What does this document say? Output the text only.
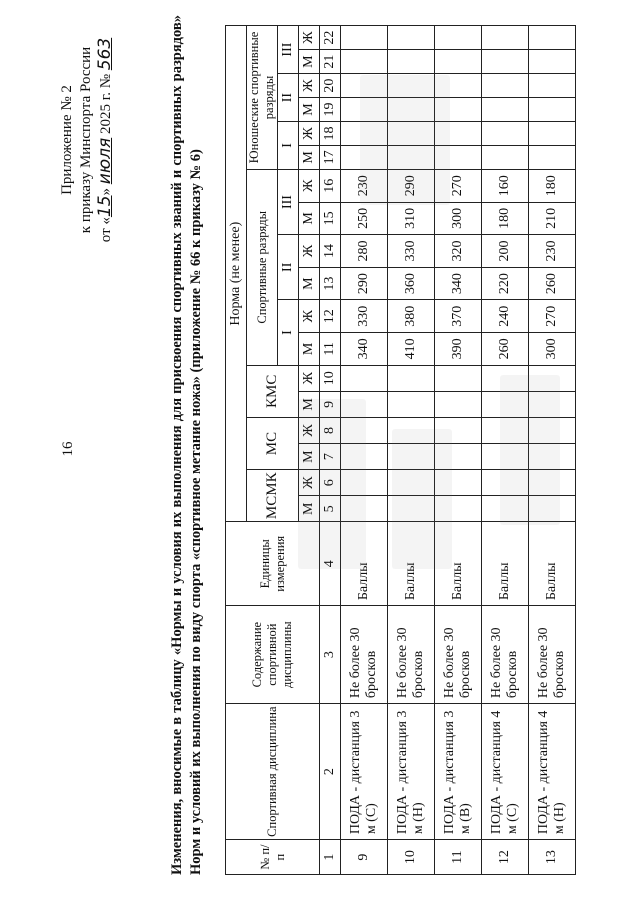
16
Приложение № 2 к приказу Минспорта России от «15» июля 2025 г. № 563	Изменения, вносимые в таблицу «Нормы и условия их выполнения для присвоения спортивных званий и спортивных разрядов» Норм и условий их выполнения по виду спорта «спортивное метание ножа» (приложение № 66 к приказу № 6)	№ п/п	Спортивная дисциплина	Содержание спортивной дисциплины	Единицы измерения	Норма (не менее)																	
				МСМК		МС		КМС		Спортивные разряды						Юношеские спортивные разряды					
										I		II		III		I		II		III	
				М	Ж	М	Ж	М	Ж	М	Ж	М	Ж	М	Ж	М	Ж	М	Ж	М	Ж
1	2	3	4	5	6	7	8	9	10	11	12	13	14	15	16	17	18	19	20	21	22
9	ПОДА - дистанция 3 м (С)	Не более 30 бросков	Баллы							340	330	290	280	250	230						
10	ПОДА - дистанция 3 м (Н)	Не более 30 бросков	Баллы							410	380	360	330	310	290						
11	ПОДА - дистанция 3 м (В)	Не более 30 бросков	Баллы							390	370	340	320	300	270						
12	ПОДА - дистанция 4 м (С)	Не более 30 бросков	Баллы							260	240	220	200	180	160						
13	ПОДА - дистанция 4 м (Н)	Не более 30 бросков	Баллы							300	270	260	230	210	180						
